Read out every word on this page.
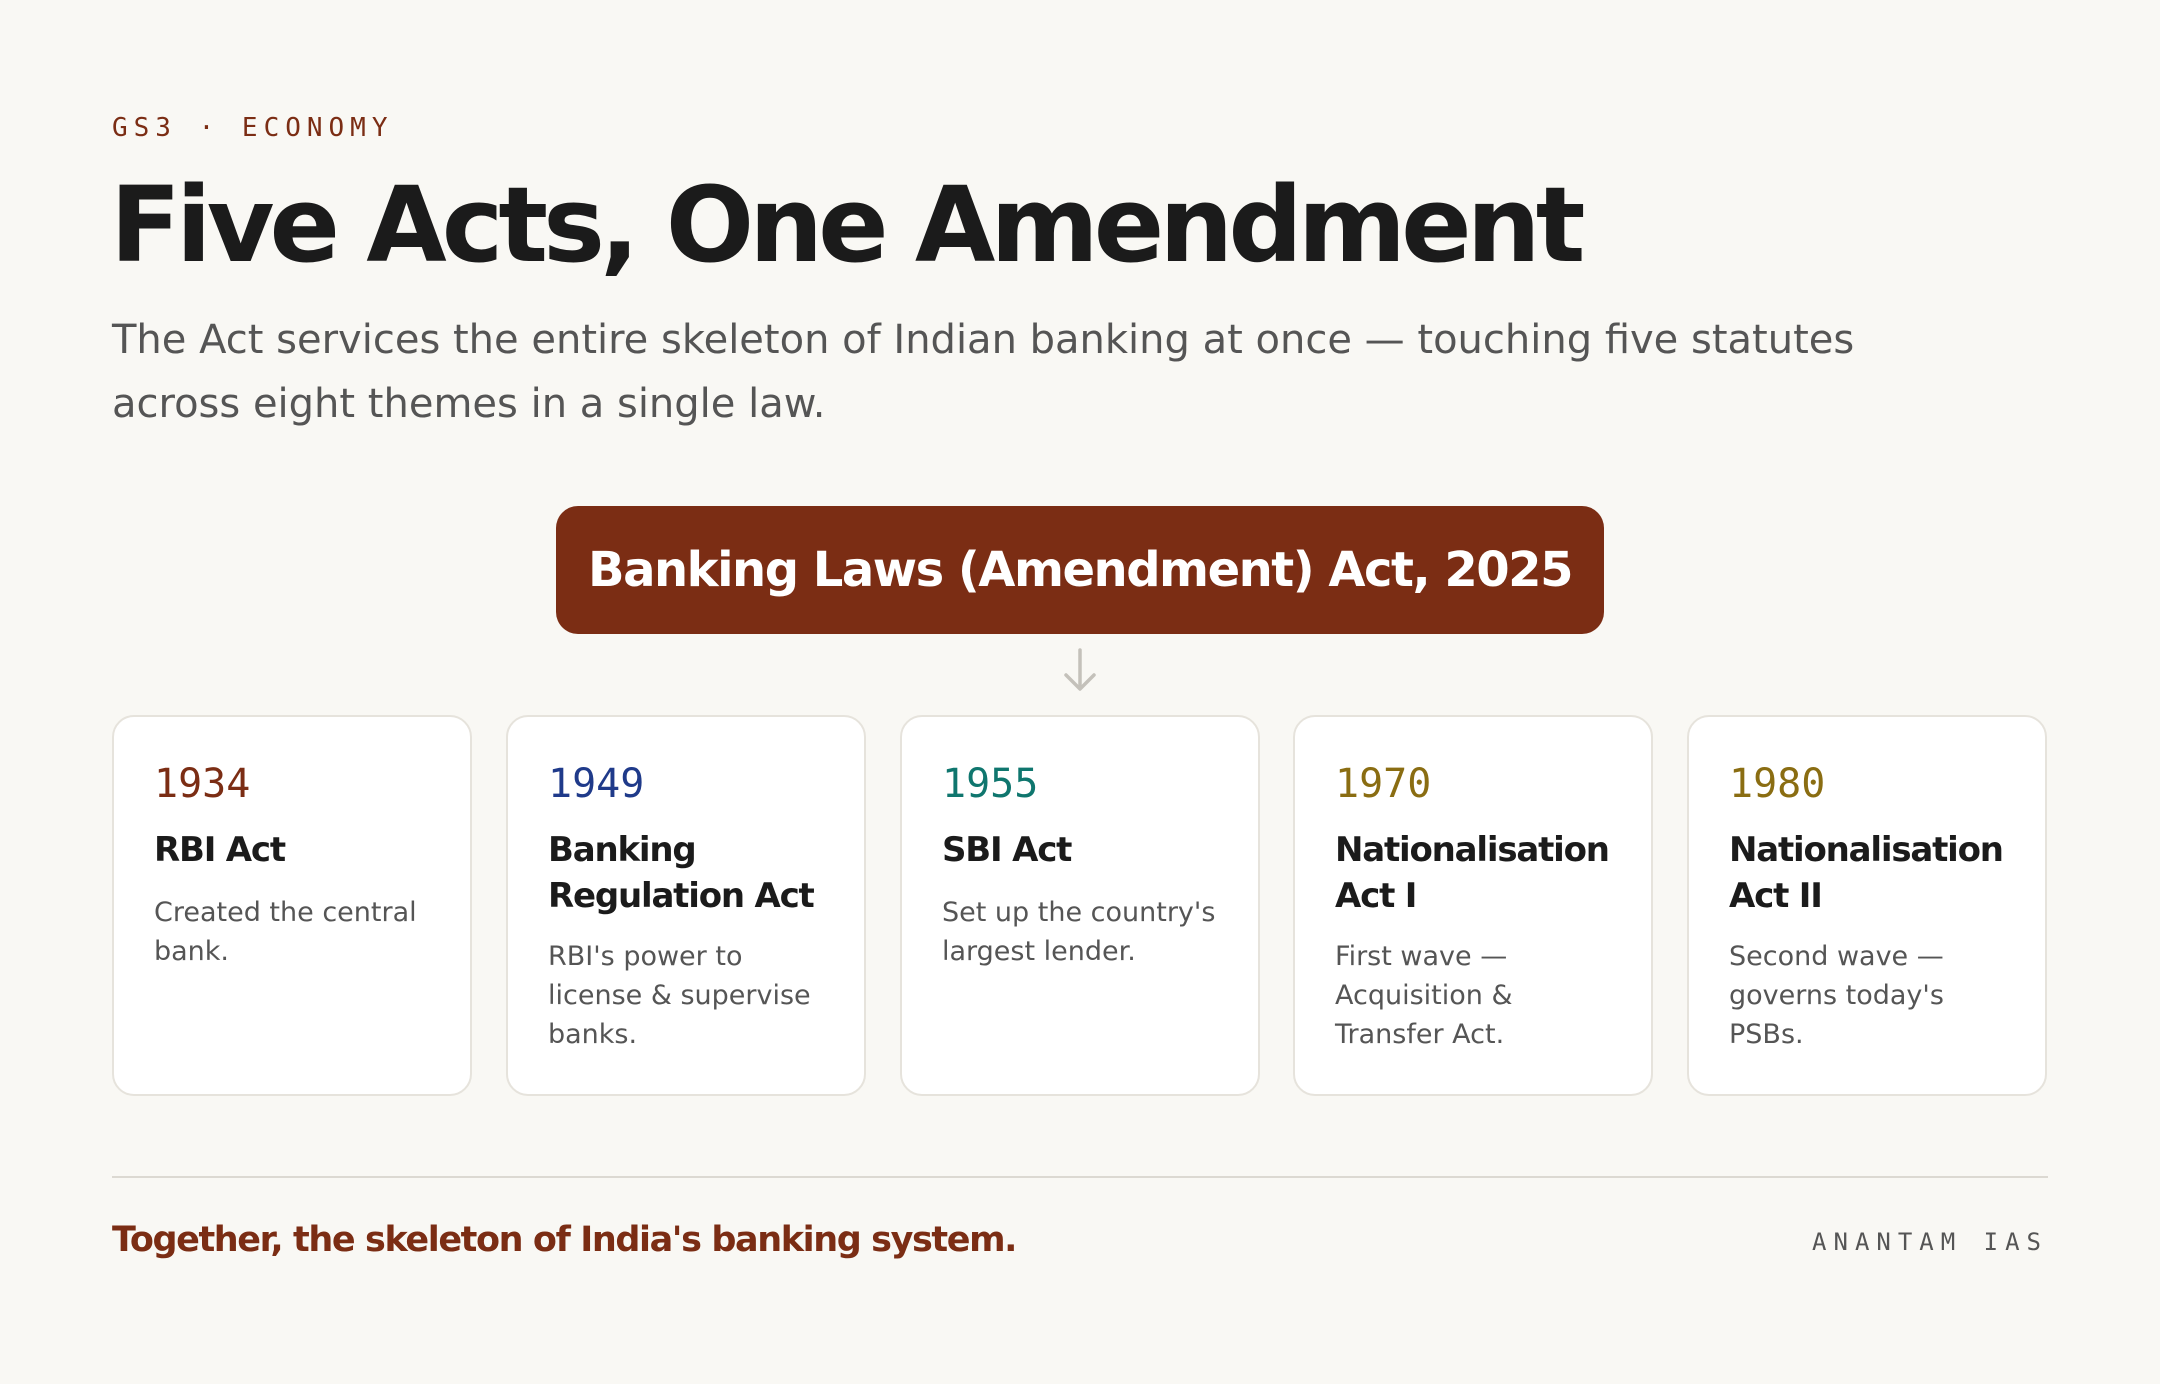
GS3 · ECONOMY
Five Acts, One Amendment

The Act services the entire skeleton of Indian banking at once — touching five statutes across eight themes in a single law.

Banking Laws (Amendment) Act, 2025
1934
RBI Act
Created the central bank.
1949
Banking Regulation Act
RBI's power to license & supervise banks.
1955
SBI Act
Set up the country's largest lender.
1970
Nationalisation Act I
First wave — Acquisition & Transfer Act.
1980
Nationalisation Act II
Second wave — governs today's PSBs.
Together, the skeleton of India's banking system.	ANANTAM IAS
